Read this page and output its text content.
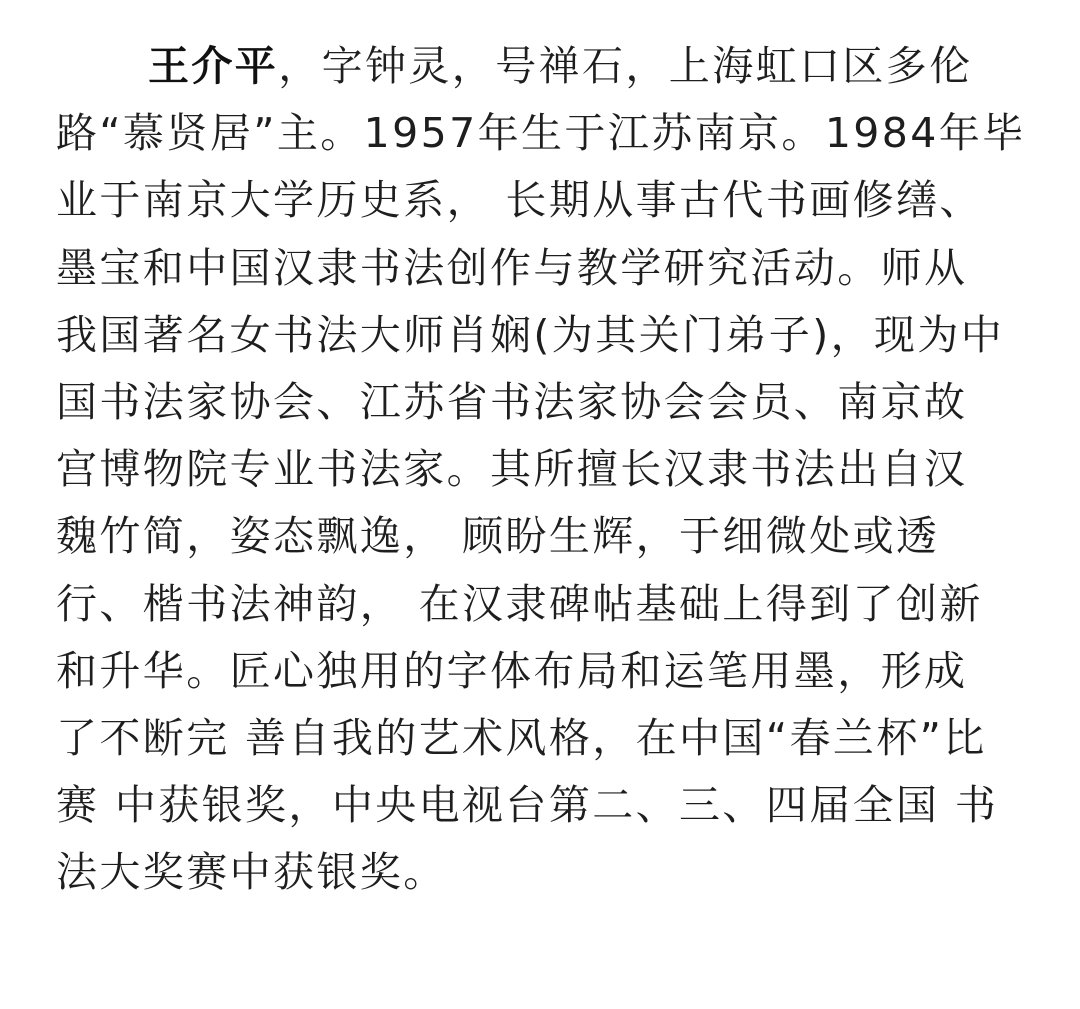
王介平，字钟灵，号禅石，上海虹口区多伦
路“慕贤居”主。1957年生于江苏南京。1984年毕
业于南京大学历史系， 长期从事古代书画修缮、
墨宝和中国汉隶书法创作与教学研究活动。师从
我国著名女书法大师肖娴(为其关门弟子)，现为中
国书法家协会、江苏省书法家协会会员、南京故
宫博物院专业书法家。其所擅长汉隶书法出自汉
魏竹简，姿态飘逸， 顾盼生辉，于细微处或透
行、楷书法神韵， 在汉隶碑帖基础上得到了创新
和升华。匠心独用的字体布局和运笔用墨，形成
了不断完 善自我的艺术风格，在中国“春兰杯”比
赛 中获银奖，中央电视台第二、三、四届全国 书
法大奖赛中获银奖。
